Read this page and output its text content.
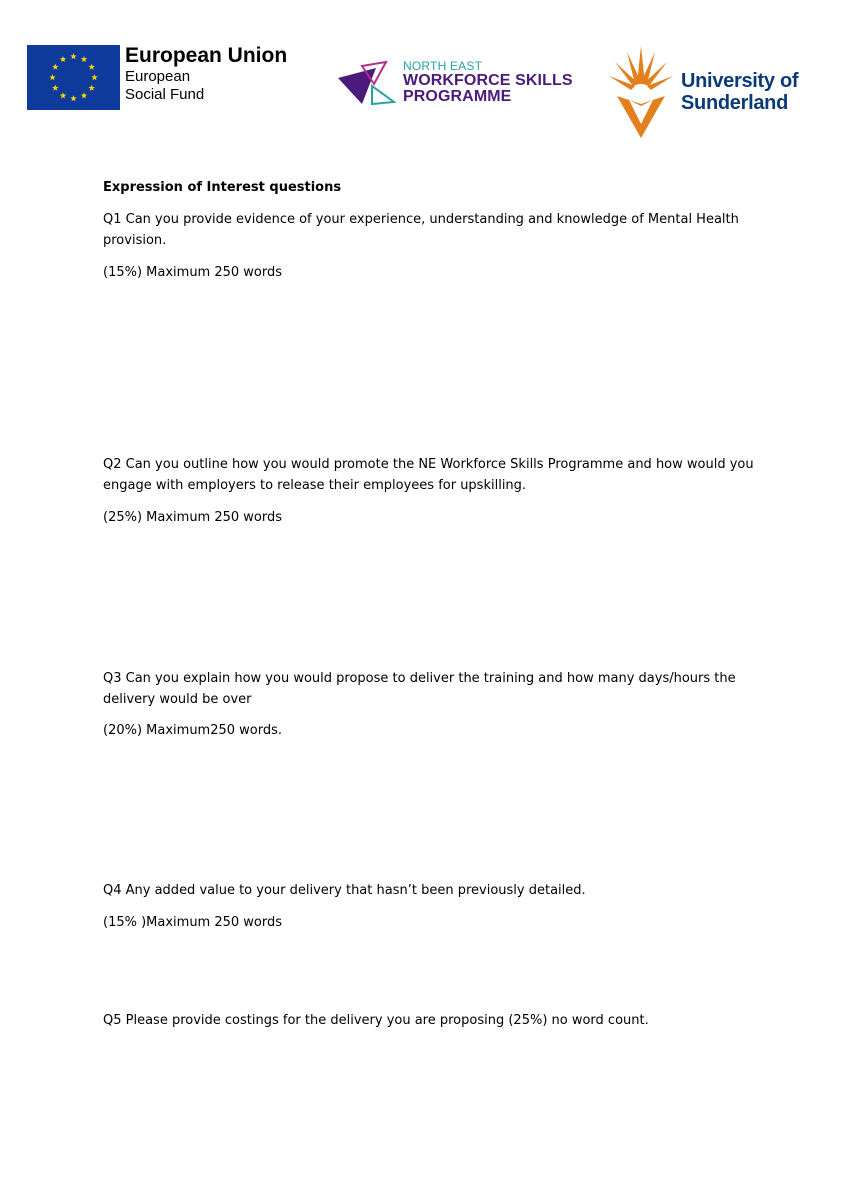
European Union
European
Social Fund
NORTH EAST
WORKFORCE SKILLS
PROGRAMME
University of
Sunderland

Expression of Interest questions

Q1 Can you provide evidence of your experience, understanding and knowledge of Mental Health provision.

(15%) Maximum 250 words

Q2 Can you outline how you would promote the NE Workforce Skills Programme and how would you engage with employers to release their employees for upskilling.

(25%) Maximum 250 words

Q3 Can you explain how you would propose to deliver the training and how many days/hours the delivery would be over

(20%) Maximum250 words.

Q4 Any added value to your delivery that hasn’t been previously detailed.

(15% )Maximum 250 words

Q5 Please provide costings for the delivery you are proposing (25%) no word count.
